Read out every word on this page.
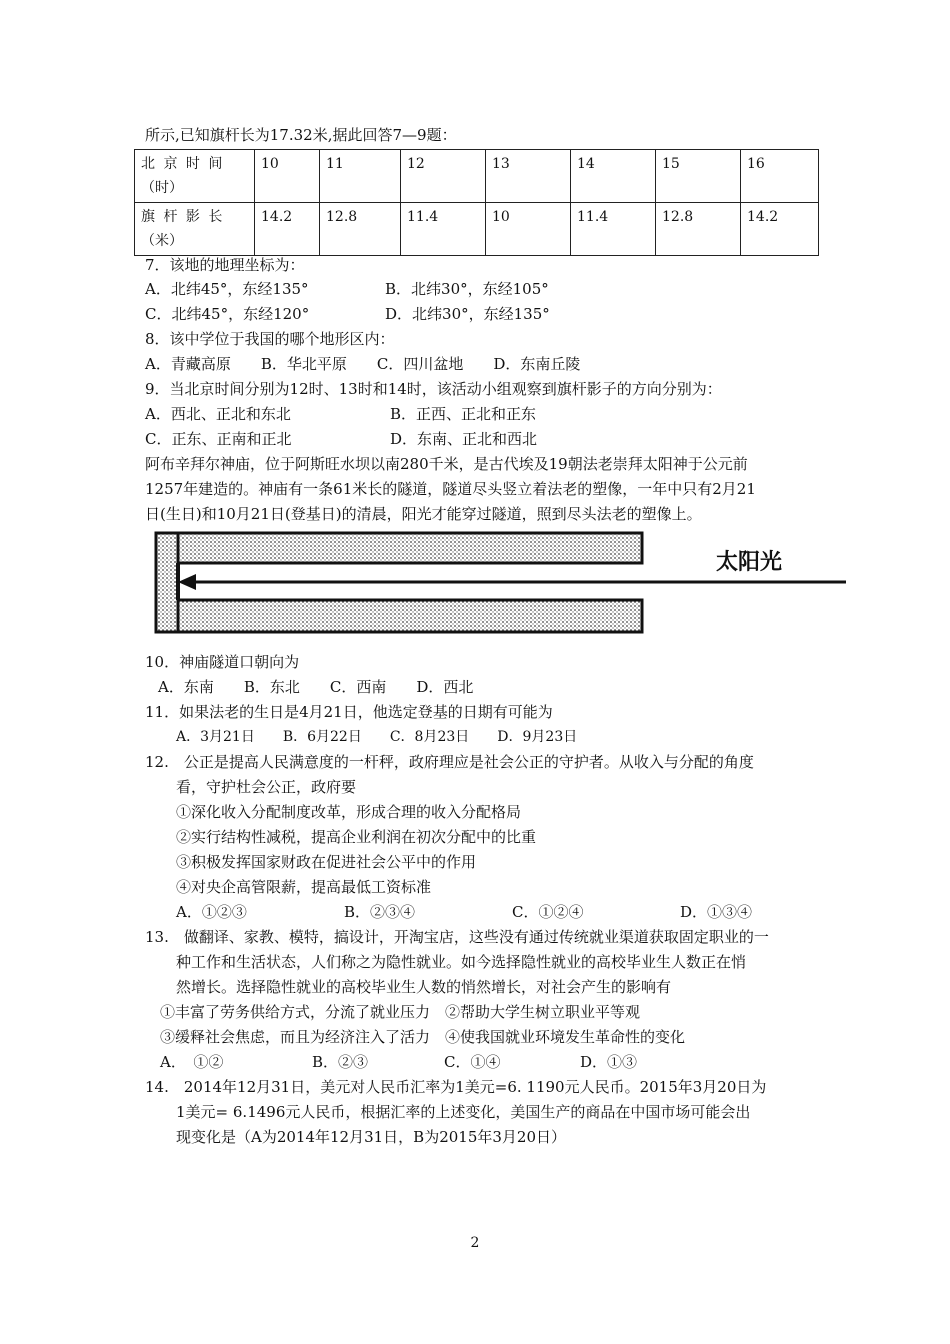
所示,已知旗杆长为17.32米,据此回答7—9题：
北 京 时 间
（时）	10	11	12	13	14	15	16

旗 杆 影 长
（米）	14.2	12.8	11.4	10	11.4	12.8	14.2
7．该地的地理坐标为：
A．北纬45°，东经135°	B．北纬30°，东经105°
C．北纬45°，东经120°	D．北纬30°，东经135°
8．该中学位于我国的哪个地形区内：
A．青藏高原　　B．华北平原　　C．四川盆地　　D．东南丘陵
9．当北京时间分别为12时、13时和14时，该活动小组观察到旗杆影子的方向分别为：
A．西北、正北和东北	B．正西、正北和正东
C．正东、正南和正北	D．东南、正北和西北
阿布辛拜尔神庙，位于阿斯旺水坝以南280千米，是古代埃及19朝法老崇拜太阳神于公元前
1257年建造的。神庙有一条61米长的隧道，隧道尽头竖立着法老的塑像，一年中只有2月21
日(生日)和10月21日(登基日)的清晨，阳光才能穿过隧道，照到尽头法老的塑像上。
太阳光
10．神庙隧道口朝向为
A．东南　　B．东北　　C．西南　　D．西北
11．如果法老的生日是4月21日，他选定登基的日期有可能为
A．3月21日　　B．6月22日　　C．8月23日　　D．9月23日
12.　公正是提高人民满意度的一杆秤，政府理应是社会公正的守护者。从收入与分配的角度
看，守护杜会公正，政府要
①深化收入分配制度改革，形成合理的收入分配格局
②实行结构性减税，提高企业利润在初次分配中的比重
③积极发挥国家财政在促进社会公平中的作用
④对央企高管限薪，提高最低工资标准
A．①②③	B．②③④	C．①②④	D．①③④
13.　做翻译、家教、模特，搞设计，开淘宝店，这些没有通过传统就业渠道获取固定职业的一
种工作和生活状态，人们称之为隐性就业。如今选择隐性就业的高校毕业生人数正在悄
然增长。选择隐性就业的高校毕业生人数的悄然增长，对社会产生的影响有
①丰富了劳务供给方式，分流了就业压力　②帮助大学生树立职业平等观
③缓释社会焦虑，而且为经济注入了活力　④使我国就业环境发生革命性的变化
A．　①②	B．②③	C．①④	D．①③
14.　2014年12月31日，美元对人民币汇率为1美元=6. 1190元人民币。2015年3月20日为
1美元= 6.1496元人民币，根据汇率的上述变化，美国生产的商品在中国市场可能会出
现变化是（A为2014年12月31日，B为2015年3月20日）
2
